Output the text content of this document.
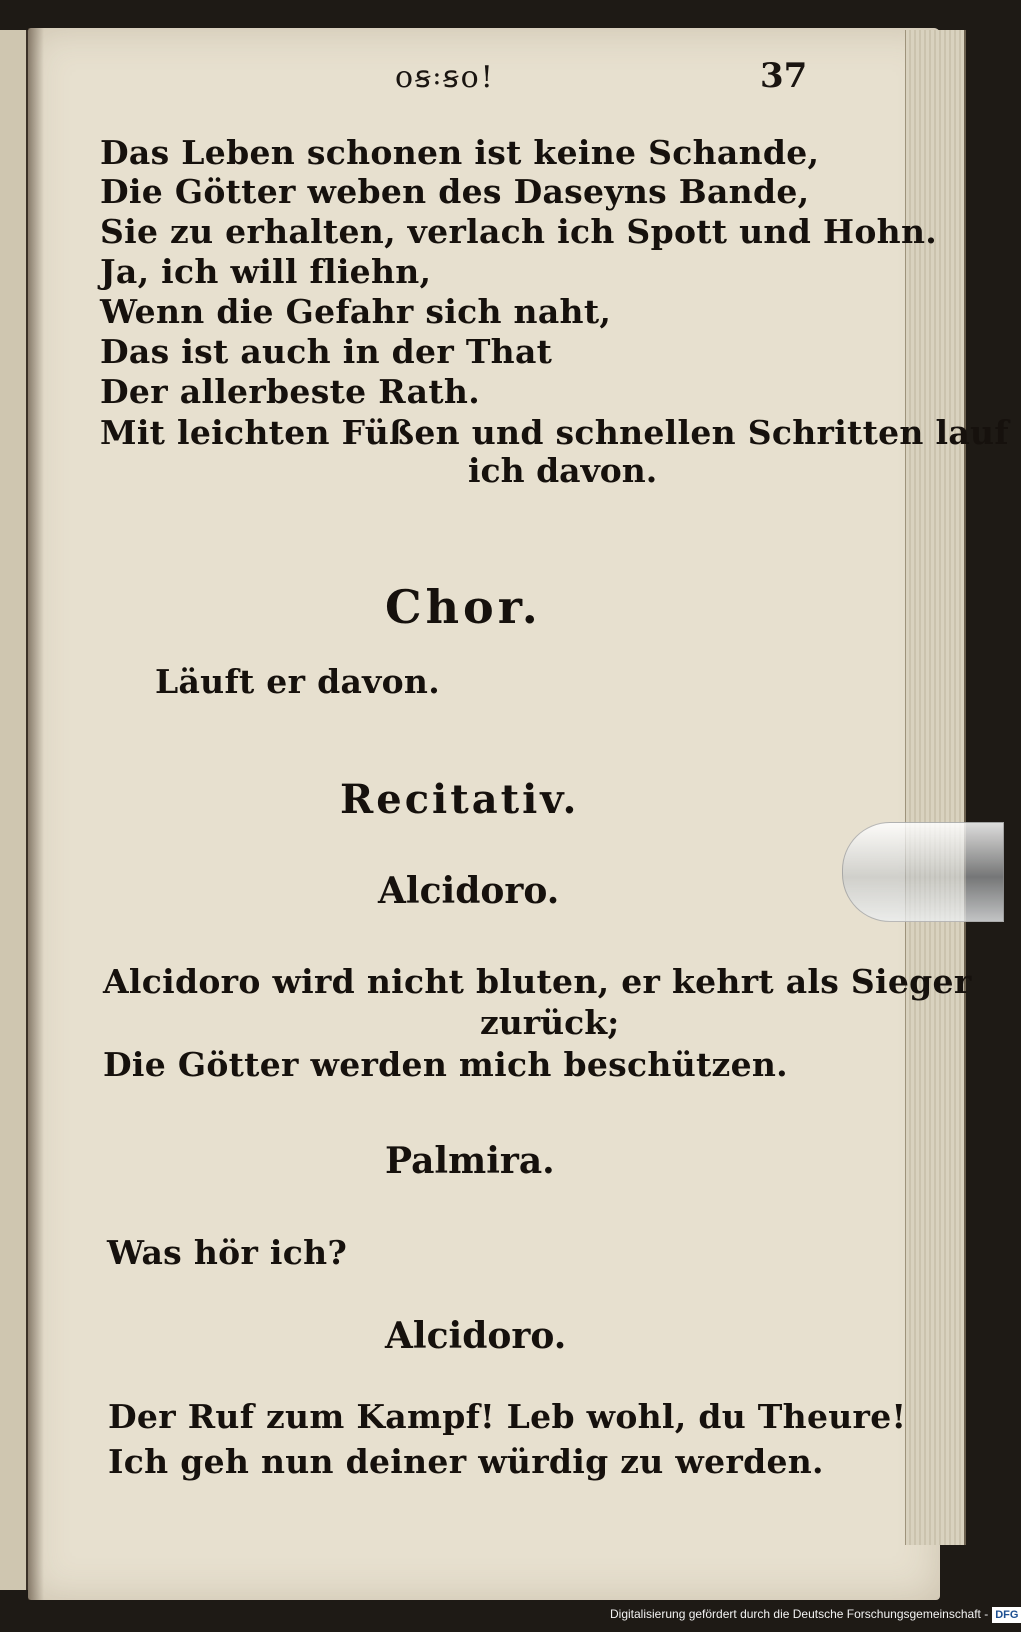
oꞩ꞉ꞩo!	37
Das Leben schonen ist keine Schande,
Die Götter weben des Daseyns Bande,
Sie zu erhalten, verlach ich Spott und Hohn.
Ja, ich will fliehn,
Wenn die Gefahr sich naht,
Das ist auch in der That
Der allerbeste Rath.
Mit leichten Füßen und schnellen Schritten lauf
ich davon.
Chor.
Läuft er davon.
Recitativ.
Alcidoro.
Alcidoro wird nicht bluten, er kehrt als Sieger
zurück;
Die Götter werden mich beschützen.
Palmira.
Was hör ich?
Alcidoro.
Der Ruf zum Kampf! Leb wohl, du Theure!
Ich geh nun deiner würdig zu werden.
Digitalisierung gefördert durch die Deutsche Forschungsgemeinschaft - DFG
